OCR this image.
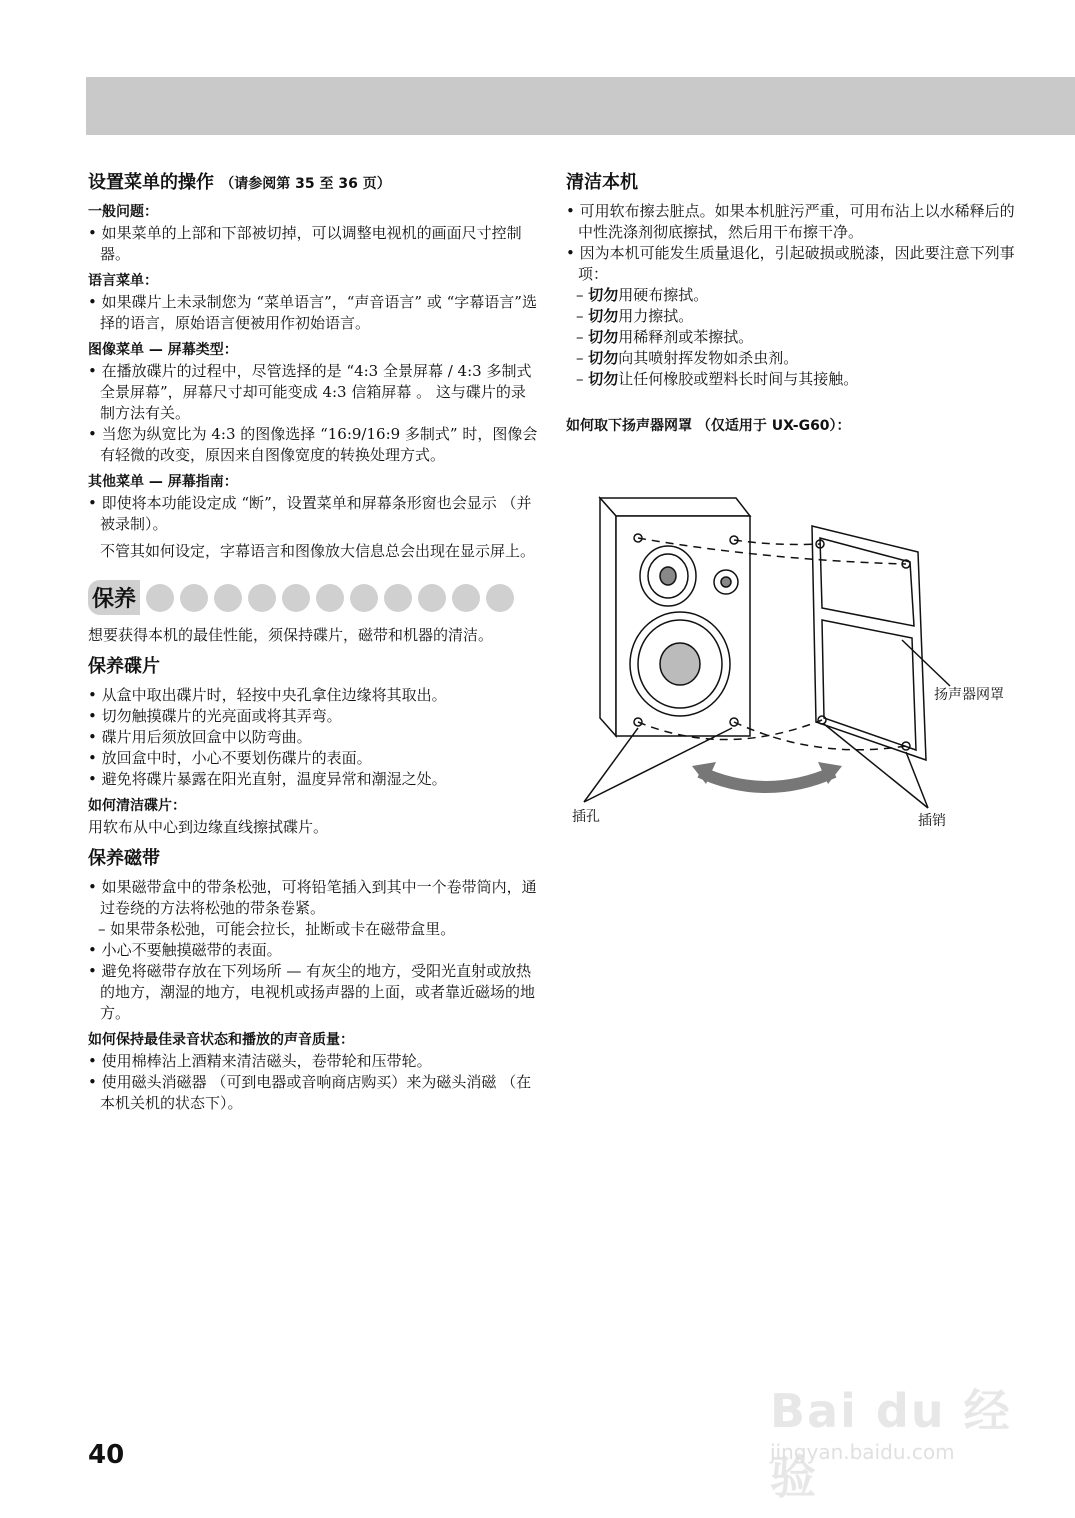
设置菜单的操作 （请参阅第 35 至 36 页）
一般问题：
• 如果菜单的上部和下部被切掉，可以调整电视机的画面尺寸控制器。
语言菜单：
• 如果碟片上未录制您为 “菜单语言”，“声音语言” 或 “字幕语言”选择的语言，原始语言便被用作初始语言。
图像菜单 — 屏幕类型：
• 在播放碟片的过程中，尽管选择的是 “4:3 全景屏幕 / 4:3 多制式全景屏幕”，屏幕尺寸却可能变成 4:3 信箱屏幕 。 这与碟片的录制方法有关。
• 当您为纵宽比为 4:3 的图像选择 “16:9/16:9 多制式” 时，图像会有轻微的改变，原因来自图像宽度的转换处理方式。
其他菜单 — 屏幕指南：
• 即使将本功能设定成 “断”，设置菜单和屏幕条形窗也会显示 （并被录制）。

不管其如何设定，字幕语言和图像放大信息总会出现在显示屏上。

保养

想要获得本机的最佳性能，须保持碟片，磁带和机器的清洁。

保养碟片
• 从盒中取出碟片时，轻按中央孔拿住边缘将其取出。
• 切勿触摸碟片的光亮面或将其弄弯。
• 碟片用后须放回盒中以防弯曲。
• 放回盒中时，小心不要划伤碟片的表面。
• 避免将碟片暴露在阳光直射，温度异常和潮湿之处。
如何清洁碟片：

用软布从中心到边缘直线擦拭碟片。

保养磁带
• 如果磁带盒中的带条松弛，可将铅笔插入到其中一个卷带筒内，通过卷绕的方法将松弛的带条卷紧。
– 如果带条松弛，可能会拉长，扯断或卡在磁带盒里。
• 小心不要触摸磁带的表面。
• 避免将磁带存放在下列场所 — 有灰尘的地方，受阳光直射或放热的地方，潮湿的地方，电视机或扬声器的上面，或者靠近磁场的地方。
如何保持最佳录音状态和播放的声音质量：
• 使用棉棒沾上酒精来清洁磁头，卷带轮和压带轮。
• 使用磁头消磁器 （可到电器或音响商店购买）来为磁头消磁 （在本机关机的状态下）。
清洁本机
• 可用软布擦去脏点。如果本机脏污严重，可用布沾上以水稀释后的中性洗涤剂彻底擦拭，然后用干布擦干净。
• 因为本机可能发生质量退化，引起破损或脱漆，因此要注意下列事项：
– 切勿用硬布擦拭。
– 切勿用力擦拭。
– 切勿用稀释剂或苯擦拭。
– 切勿向其喷射挥发物如杀虫剂。
– 切勿让任何橡胶或塑料长时间与其接触。
如何取下扬声器网罩 （仅适用于 UX-G60）：
扬声器网罩
插孔	插销
40
Bai du 经验
jingyan.baidu.com
